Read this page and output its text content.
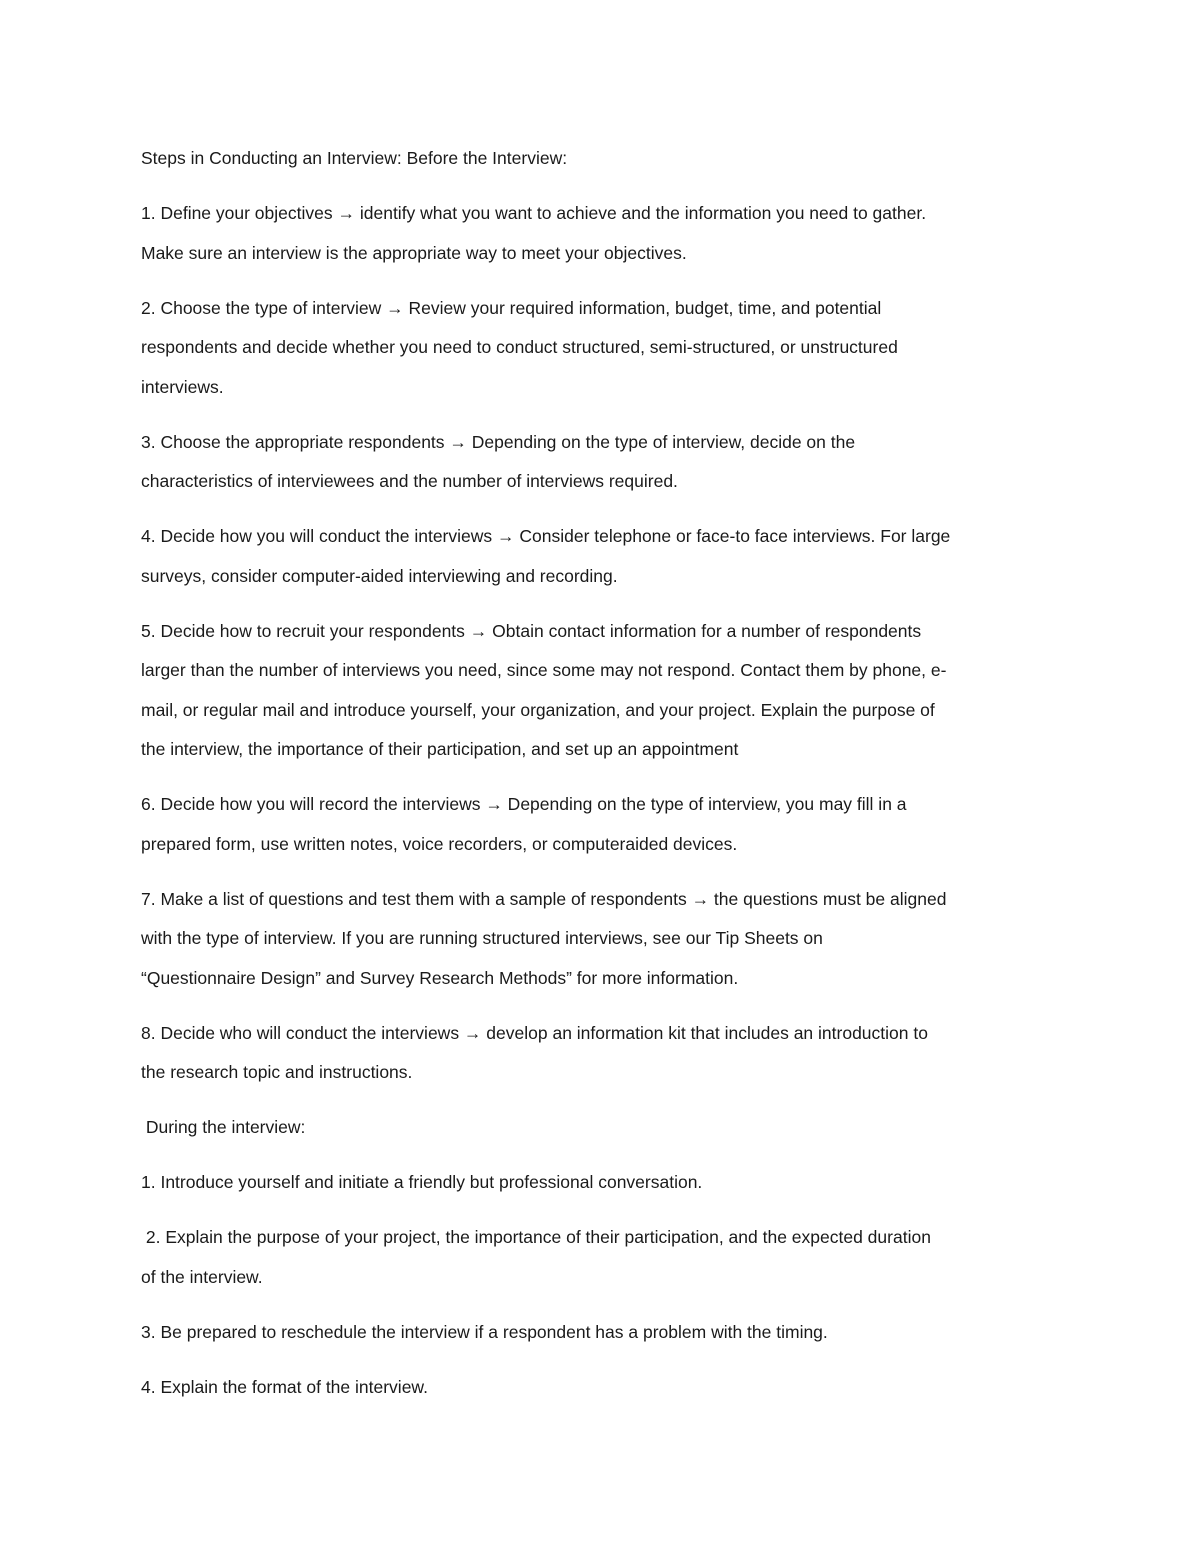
Steps in Conducting an Interview: Before the Interview:

1. Define your objectives → identify what you want to achieve and the information you need to gather.
Make sure an interview is the appropriate way to meet your objectives.

2. Choose the type of interview → Review your required information, budget, time, and potential
respondents and decide whether you need to conduct structured, semi-structured, or unstructured
interviews.

3. Choose the appropriate respondents → Depending on the type of interview, decide on the
characteristics of interviewees and the number of interviews required.

4. Decide how you will conduct the interviews → Consider telephone or face-to face interviews. For large
surveys, consider computer-aided interviewing and recording.

5. Decide how to recruit your respondents → Obtain contact information for a number of respondents
larger than the number of interviews you need, since some may not respond. Contact them by phone, e-
mail, or regular mail and introduce yourself, your organization, and your project. Explain the purpose of
the interview, the importance of their participation, and set up an appointment

6. Decide how you will record the interviews → Depending on the type of interview, you may fill in a
prepared form, use written notes, voice recorders, or computeraided devices.

7. Make a list of questions and test them with a sample of respondents → the questions must be aligned
with the type of interview. If you are running structured interviews, see our Tip Sheets on
“Questionnaire Design” and Survey Research Methods” for more information.

8. Decide who will conduct the interviews → develop an information kit that includes an introduction to
the research topic and instructions.

During the interview:

1. Introduce yourself and initiate a friendly but professional conversation.

2. Explain the purpose of your project, the importance of their participation, and the expected duration
of the interview.

3. Be prepared to reschedule the interview if a respondent has a problem with the timing.

4. Explain the format of the interview.
